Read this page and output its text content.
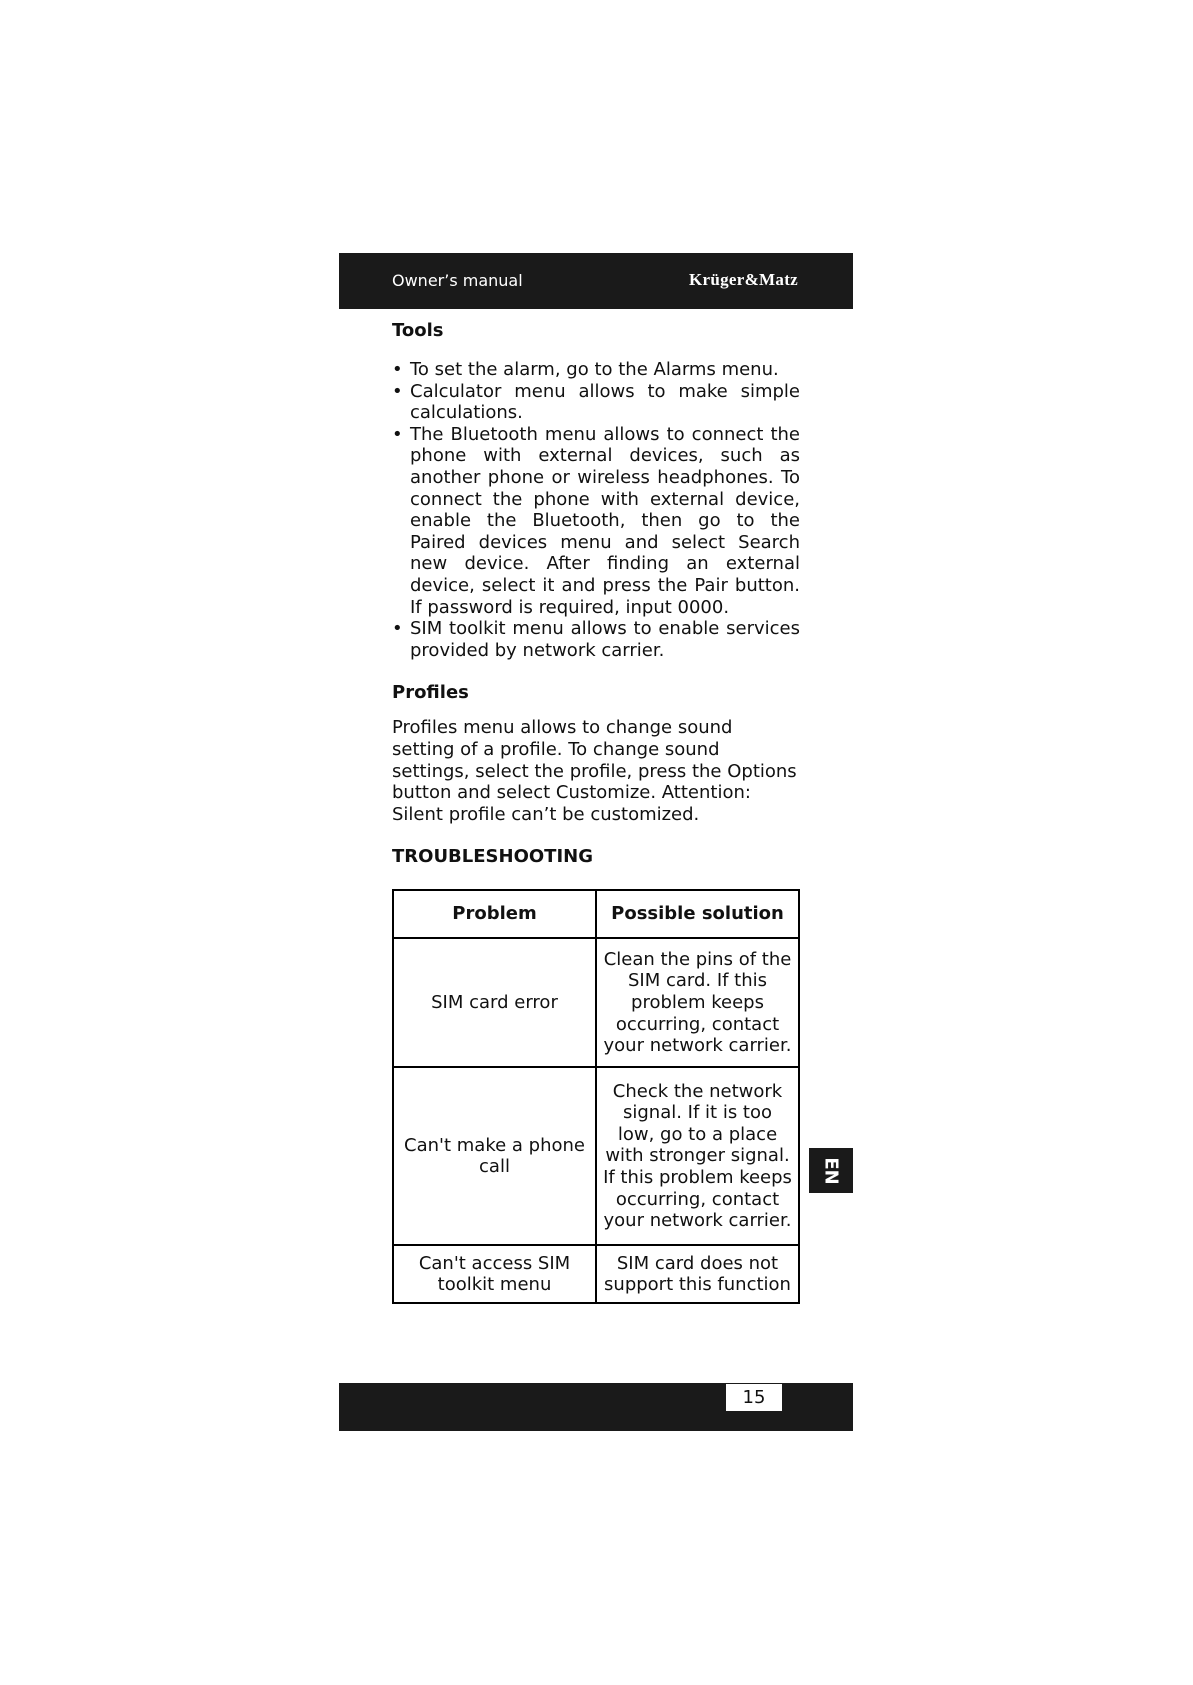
Owner’s manual	Krüger&Matz
Tools
• To set the alarm, go to the Alarms menu.
• Calculator menu allows to make simple calculations.
• The Bluetooth menu allows to connect the phone with external devices, such as another phone or wireless headphones. To connect the phone with external device, enable the Bluetooth, then go to the Paired devices menu and select Search new device. After finding an external device, select it and press the Pair button. If password is required, input 0000.
• SIM toolkit menu allows to enable services provided by network carrier.
Profiles

Profiles menu allows to change sound setting of a profile. To change sound settings, select the profile, press the Options button and select Customize. Attention: Silent profile can’t be customized.

TROUBLESHOOTING
Problem	Possible solution
SIM card error	Clean the pins of the SIM card. If this problem keeps occurring, contact your network carrier.
Can't make a phone call	Check the network signal. If it is too low, go to a place with stronger signal. If this problem keeps occurring, contact your network carrier.
Can't access SIM toolkit menu	SIM card does not support this function
EN
15
